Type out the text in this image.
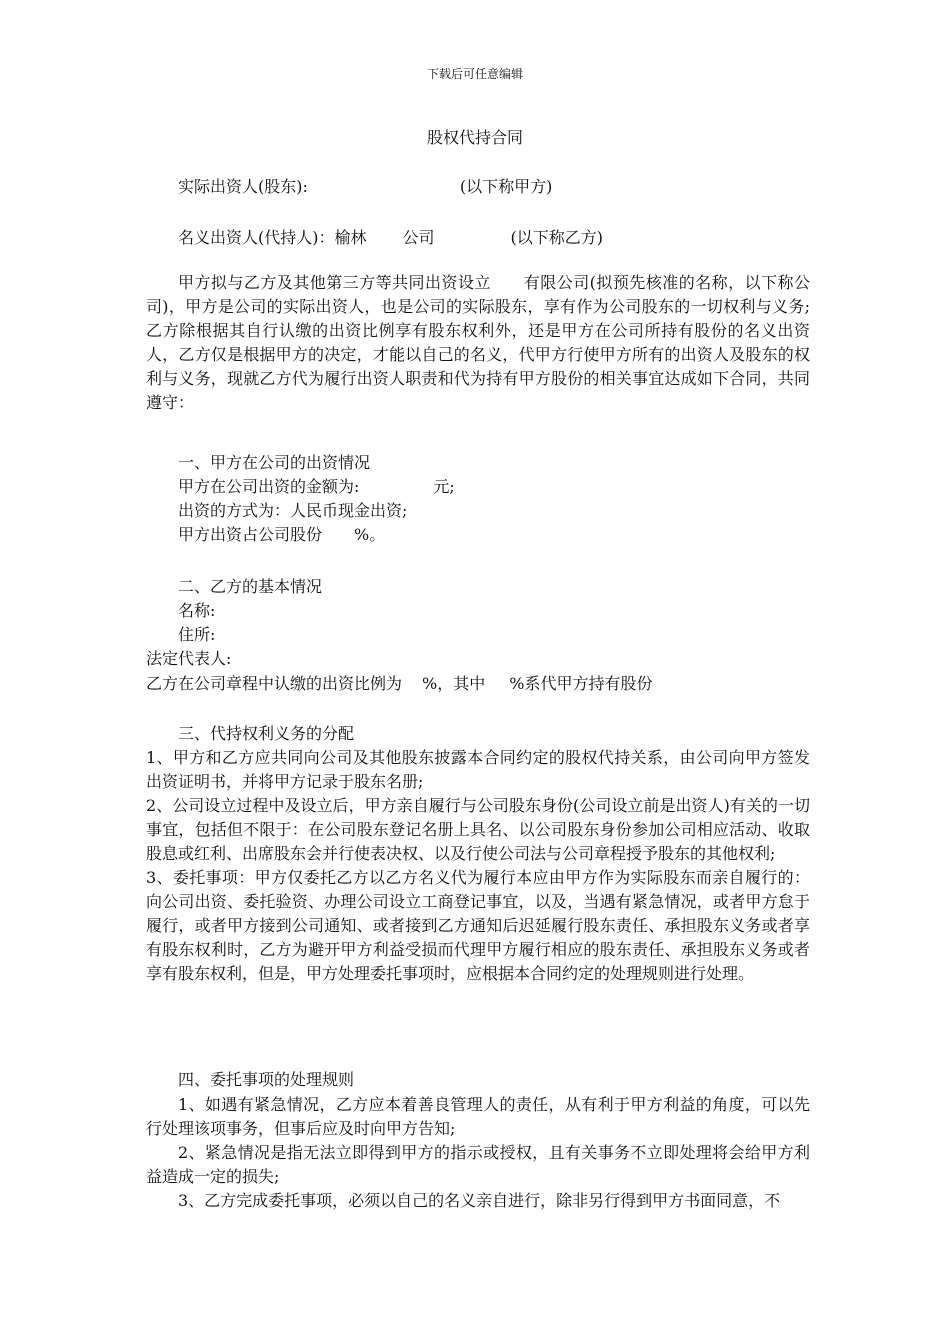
下载后可任意编辑
股权代持合同
实际出资人(股东):	(以下称甲方)
名义出资人(代持人)：榆林 公司	(以下称乙方)
甲方拟与乙方及其他第三方等共同出资设立　　有限公司(拟预先核准的名称，以下称公司)，甲方是公司的实际出资人，也是公司的实际股东，享有作为公司股东的一切权利与义务;乙方除根据其自行认缴的出资比例享有股东权利外，还是甲方在公司所持有股份的名义出资人，乙方仅是根据甲方的决定，才能以自己的名义，代甲方行使甲方所有的出资人及股东的权利与义务，现就乙方代为履行出资人职责和代为持有甲方股份的相关事宜达成如下合同，共同遵守：
一、甲方在公司的出资情况
甲方在公司出资的金额为:	元;
出资的方式为：人民币现金出资;
甲方出资占公司股份 %。
二、乙方的基本情况
名称:
住所:
法定代表人:
乙方在公司章程中认缴的出资比例为 %，其中 %系代甲方持有股份
三、代持权利义务的分配

1、甲方和乙方应共同向公司及其他股东披露本合同约定的股权代持关系，由公司向甲方签发出资证明书，并将甲方记录于股东名册;

2、公司设立过程中及设立后，甲方亲自履行与公司股东身份(公司设立前是出资人)有关的一切事宜，包括但不限于：在公司股东登记名册上具名、以公司股东身份参加公司相应活动、收取股息或红利、出席股东会并行使表决权、以及行使公司法与公司章程授予股东的其他权利;

3、委托事项：甲方仅委托乙方以乙方名义代为履行本应由甲方作为实际股东而亲自履行的：向公司出资、委托验资、办理公司设立工商登记事宜，以及，当遇有紧急情况，或者甲方怠于履行，或者甲方接到公司通知、或者接到乙方通知后迟延履行股东责任、承担股东义务或者享有股东权利时，乙方为避开甲方利益受损而代理甲方履行相应的股东责任、承担股东义务或者享有股东权利，但是，甲方处理委托事项时，应根据本合同约定的处理规则进行处理。

四、委托事项的处理规则

1、如遇有紧急情况，乙方应本着善良管理人的责任，从有利于甲方利益的角度，可以先行处理该项事务，但事后应及时向甲方告知;

2、紧急情况是指无法立即得到甲方的指示或授权，且有关事务不立即处理将会给甲方利益造成一定的损失;

3、乙方完成委托事项，必须以自己的名义亲自进行，除非另行得到甲方书面同意，不
